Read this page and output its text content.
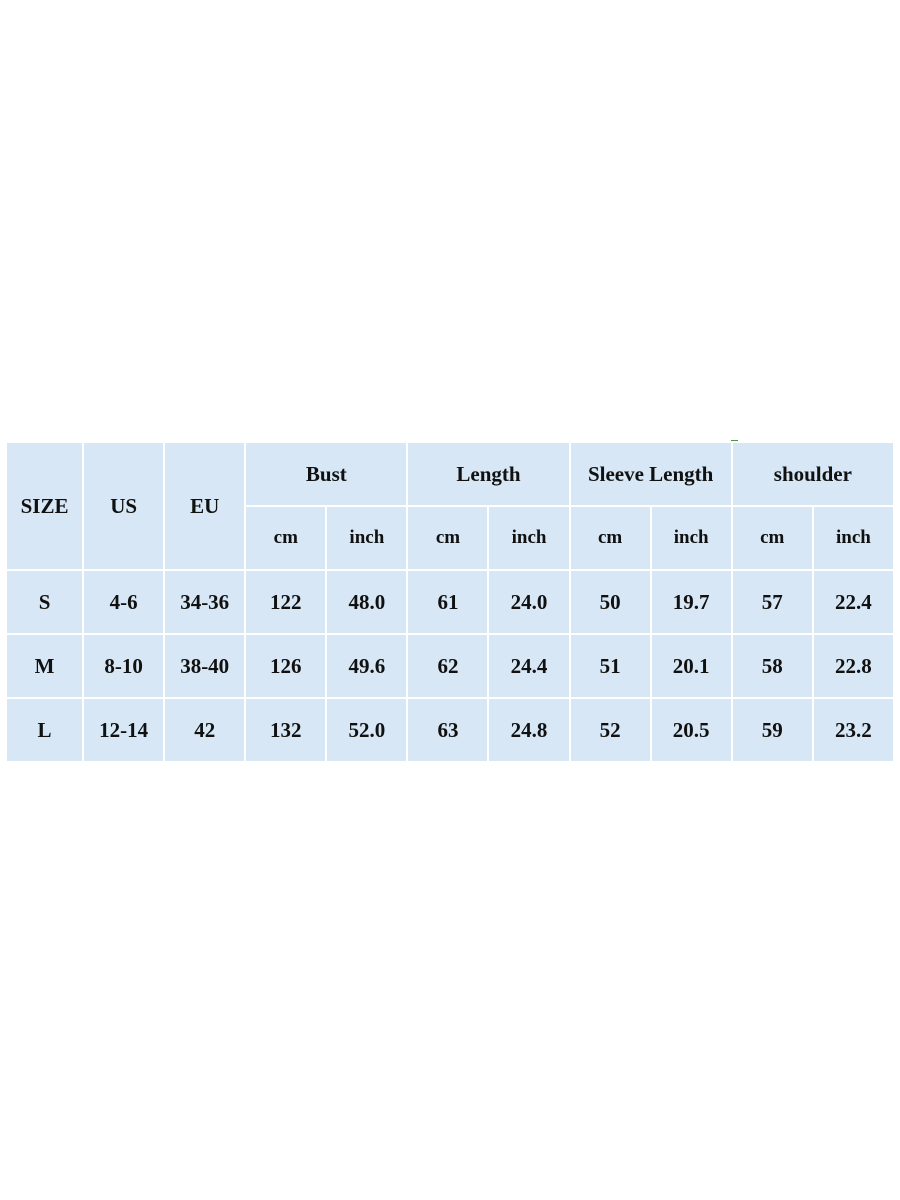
SIZE	US	EU	Bust		Length		Sleeve Length		shoulder	
			cm	inch	cm	inch	cm	inch	cm	inch
S	4-6	34-36	122	48.0	61	24.0	50	19.7	57	22.4
M	8-10	38-40	126	49.6	62	24.4	51	20.1	58	22.8
L	12-14	42	132	52.0	63	24.8	52	20.5	59	23.2
